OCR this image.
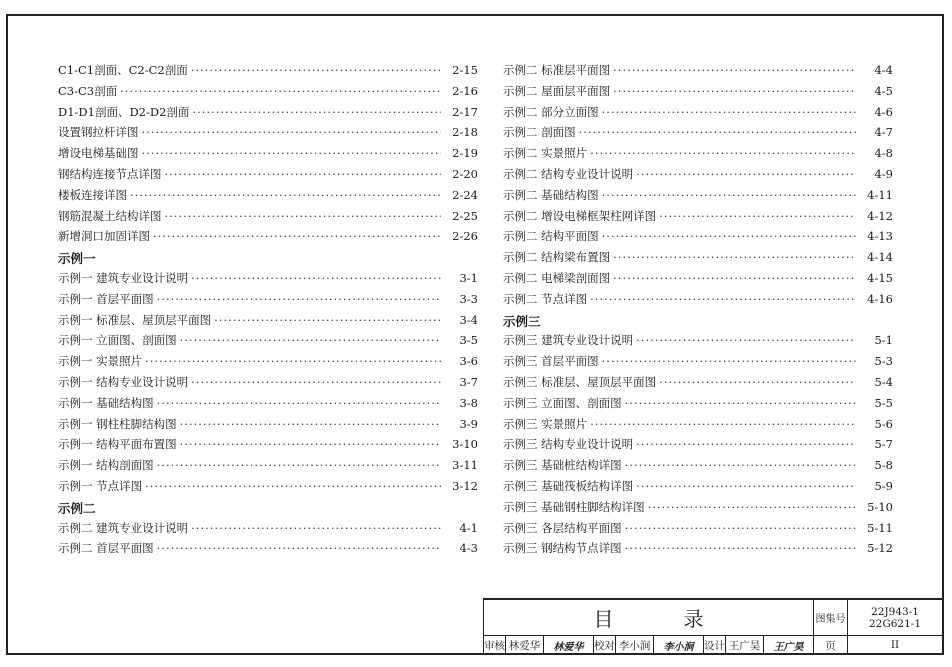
C1-C1剖面、C2-C2剖面 ·····	2-15
C3-C3剖面 ·····	2-16
D1-D1剖面、D2-D2剖面 ·····	2-17
设置钢拉杆详图 ·····	2-18
增设电梯基础图 ·····	2-19
钢结构连接节点详图 ·····	2-20
楼板连接详图 ·····	2-24
钢筋混凝土结构详图 ·····	2-25
新增洞口加固详图 ·····	2-26
示例一
示例一 建筑专业设计说明 ·····	3-1
示例一 首层平面图 ·····	3-3
示例一 标准层、屋顶层平面图 ·····	3-4
示例一 立面图、剖面图 ·····	3-5
示例一 实景照片 ·····	3-6
示例一 结构专业设计说明 ·····	3-7
示例一 基础结构图 ·····	3-8
示例一 钢柱柱脚结构图 ·····	3-9
示例一 结构平面布置图 ·····	3-10
示例一 结构剖面图 ·····	3-11
示例一 节点详图 ·····	3-12
示例二
示例二 建筑专业设计说明 ·····	4-1
示例二 首层平面图 ·····	4-3
示例二 标准层平面图 ·····	4-4
示例二 屋面层平面图 ·····	4-5
示例二 部分立面图 ·····	4-6
示例二 剖面图 ·····	4-7
示例二 实景照片 ·····	4-8
示例二 结构专业设计说明 ·····	4-9
示例二 基础结构图 ·····	4-11
示例二 增设电梯框架柱网详图 ·····	4-12
示例二 结构平面图 ·····	4-13
示例二 结构梁布置图 ·····	4-14
示例二 电梯梁剖面图 ·····	4-15
示例二 节点详图 ·····	4-16
示例三
示例三 建筑专业设计说明 ·····	5-1
示例三 首层平面图 ·····	5-3
示例三 标准层、屋顶层平面图 ·····	5-4
示例三 立面图、剖面图 ·····	5-5
示例三 实景照片 ·····	5-6
示例三 结构专业设计说明 ·····	5-7
示例三 基础桩结构详图 ·····	5-8
示例三 基础筏板结构详图 ·····	5-9
示例三 基础钢柱脚结构详图 ·····	5-10
示例三 各层结构平面图 ·····	5-11
示例三 钢结构节点详图 ·····	5-12
目	录	图集号
22J943-1
22G621-1
审核 林爱华	林爱华 校对 李小涧	李小涧 设计 王广昊	王广昊	页	II
